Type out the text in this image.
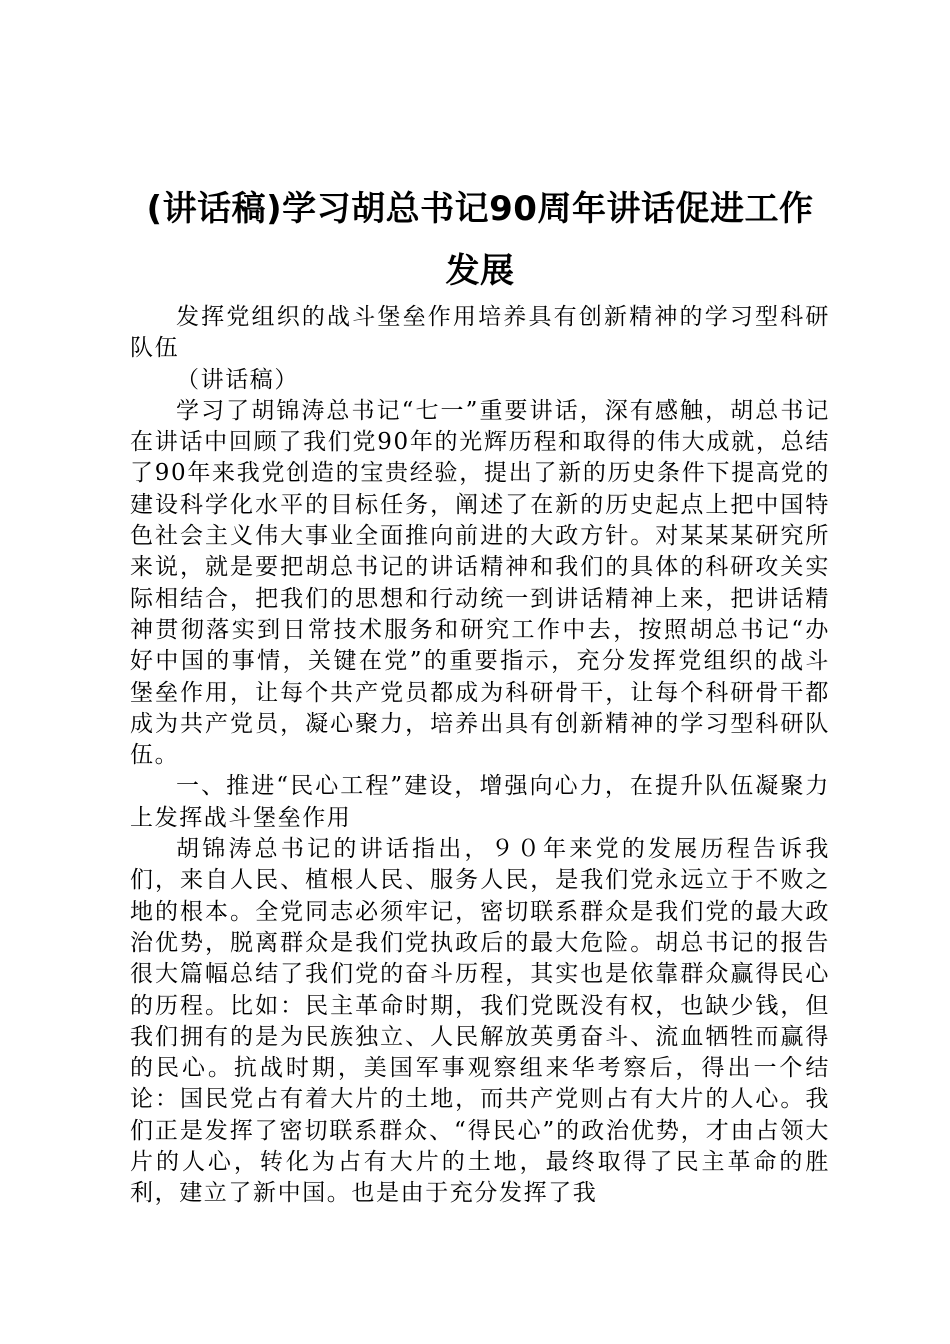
(讲话稿)学习胡总书记90周年讲话促进工作
发展

发挥党组织的战斗堡垒作用培养具有创新精神的学习型科研队伍

（讲话稿）

学习了胡锦涛总书记“七一”重要讲话，深有感触，胡总书记在讲话中回顾了我们党90年的光辉历程和取得的伟大成就，总结了90年来我党创造的宝贵经验，提出了新的历史条件下提高党的建设科学化水平的目标任务，阐述了在新的历史起点上把中国特色社会主义伟大事业全面推向前进的大政方针。对某某某研究所来说，就是要把胡总书记的讲话精神和我们的具体的科研攻关实际相结合，把我们的思想和行动统一到讲话精神上来，把讲话精神贯彻落实到日常技术服务和研究工作中去，按照胡总书记“办好中国的事情，关键在党”的重要指示，充分发挥党组织的战斗堡垒作用，让每个共产党员都成为科研骨干，让每个科研骨干都成为共产党员，凝心聚力，培养出具有创新精神的学习型科研队伍。

一、推进“民心工程”建设，增强向心力，在提升队伍凝聚力上发挥战斗堡垒作用

胡锦涛总书记的讲话指出，９０年来党的发展历程告诉我们，来自人民、植根人民、服务人民，是我们党永远立于不败之地的根本。全党同志必须牢记，密切联系群众是我们党的最大政治优势，脱离群众是我们党执政后的最大危险。胡总书记的报告很大篇幅总结了我们党的奋斗历程，其实也是依靠群众赢得民心的历程。比如：民主革命时期，我们党既没有权，也缺少钱，但我们拥有的是为民族独立、人民解放英勇奋斗、流血牺牲而赢得的民心。抗战时期，美国军事观察组来华考察后，得出一个结论：国民党占有着大片的土地，而共产党则占有大片的人心。我们正是发挥了密切联系群众、“得民心”的政治优势，才由占领大片的人心，转化为占有大片的土地，最终取得了民主革命的胜利，建立了新中国。也是由于充分发挥了我
